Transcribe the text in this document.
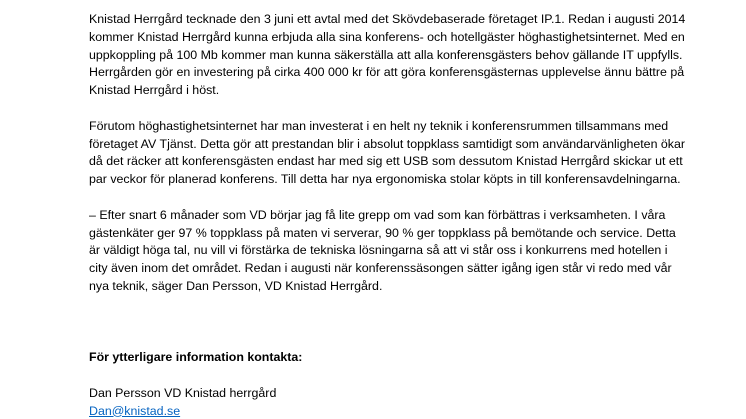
Knistad Herrgård tecknade den 3 juni ett avtal med det Skövdebaserade företaget IP.1. Redan i augusti 2014 kommer Knistad Herrgård kunna erbjuda alla sina konferens- och hotellgäster höghastighetsinternet. Med en uppkoppling på 100 Mb kommer man kunna säkerställa att alla konferensgästers behov gällande IT uppfylls. Herrgården gör en investering på cirka 400 000 kr för att göra konferensgästernas upplevelse ännu bättre på Knistad Herrgård i höst.

Förutom höghastighetsinternet har man investerat i en helt ny teknik i konferensrummen tillsammans med företaget AV Tjänst. Detta gör att prestandan blir i absolut toppklass samtidigt som användarvänligheten ökar då det räcker att konferensgästen endast har med sig ett USB som dessutom Knistad Herrgård skickar ut ett par veckor för planerad konferens. Till detta har nya ergonomiska stolar köpts in till konferensavdelningarna.

– Efter snart 6 månader som VD börjar jag få lite grepp om vad som kan förbättras i verksamheten. I våra gästenkäter ger 97 % toppklass på maten vi serverar, 90 % ger toppklass på bemötande och service. Detta är väldigt höga tal, nu vill vi förstärka de tekniska lösningarna så att vi står oss i konkurrens med hotellen i city även inom det området. Redan i augusti när konferenssäsongen sätter igång igen står vi redo med vår nya teknik, säger Dan Persson, VD Knistad Herrgård.

För ytterligare information kontakta:

Dan Persson VD Knistad herrgård

Dan@knistad.se
